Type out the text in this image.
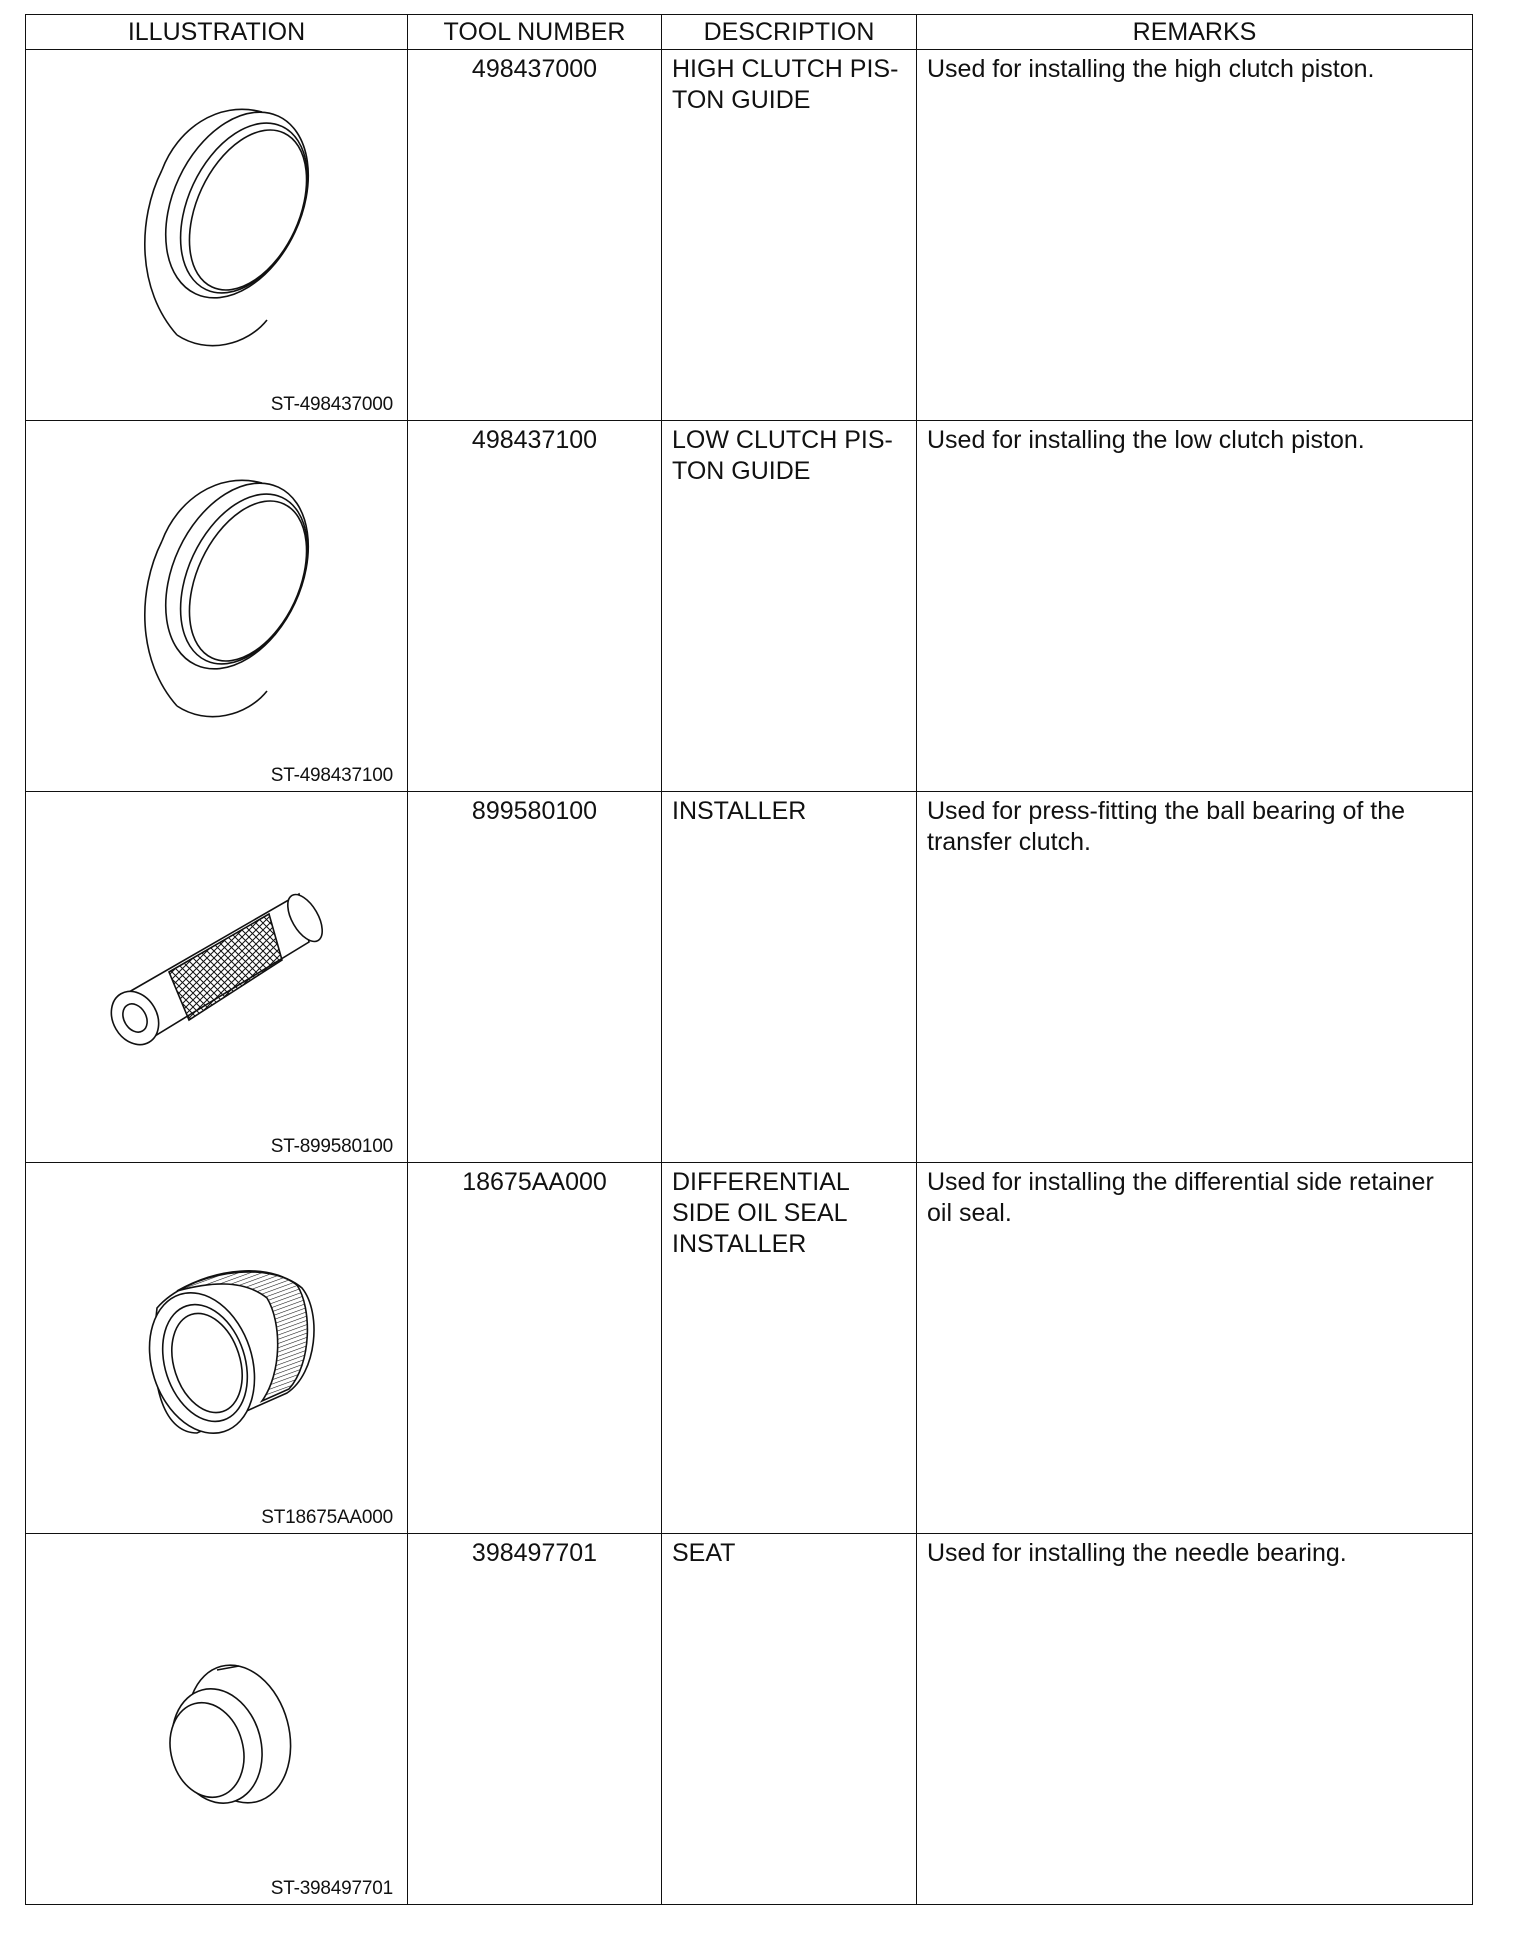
ILLUSTRATION	TOOL NUMBER	DESCRIPTION	REMARKS

ST-498437000	498437000	HIGH CLUTCH PIS-
TON GUIDE	Used for installing the high clutch piston.

ST-498437100	498437100	LOW CLUTCH PIS-
TON GUIDE	Used for installing the low clutch piston.

ST-899580100	899580100	INSTALLER	Used for press-fitting the ball bearing of the transfer clutch.

ST18675AA000	18675AA000	DIFFERENTIAL
SIDE OIL SEAL
INSTALLER	Used for installing the differential side retainer oil seal.

ST-398497701	398497701	SEAT	Used for installing the needle bearing.
